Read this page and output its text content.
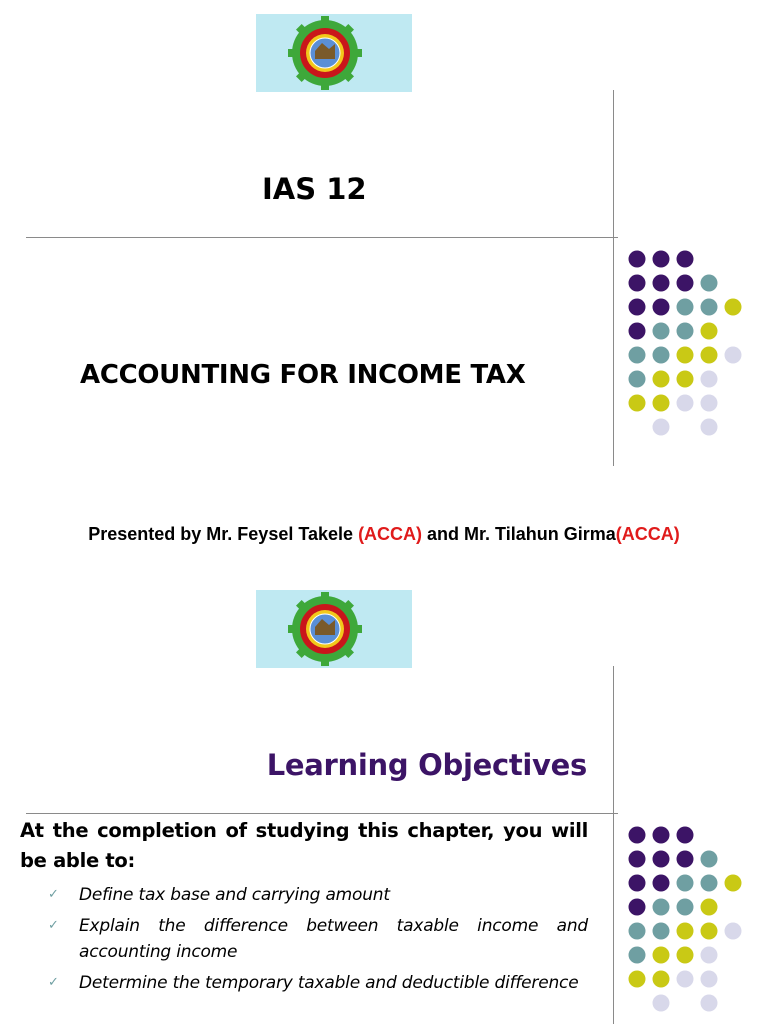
IAS 12
ACCOUNTING FOR INCOME TAX
Presented by Mr. Feysel Takele (ACCA) and Mr. Tilahun Girma(ACCA)
Learning Objectives
At the completion of studying this chapter, you will be able to:
✓ Define tax base and carrying amount
✓ Explain the difference between taxable income and accounting income
✓ Determine the temporary taxable and deductible difference
